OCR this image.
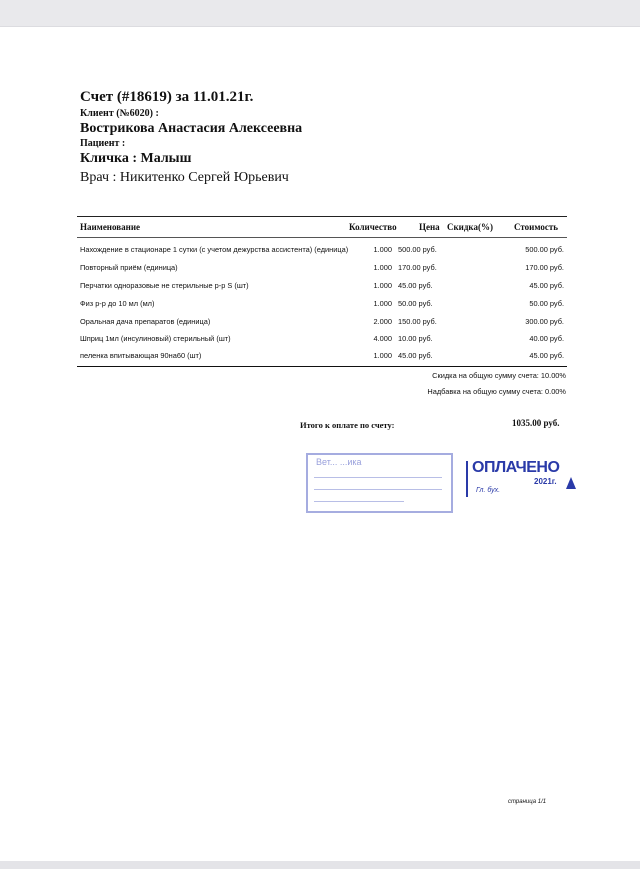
Счет (#18619) за 11.01.21г.
Клиент (№6020) :
Вострикова Анастасия Алексеевна
Пациент :
Кличка : Малыш
Врач : Никитенко Сергей Юрьевич
Наименование	Количество Цена Скидка(%) Стоимость
Нахождение в стационаре 1 сутки (с учетом дежурства ассистента) (единица)	1.000 500.00 руб.	500.00 руб.
Повторный приём (единица)	1.000 170.00 руб.	170.00 руб.
Перчатки одноразовые не стерильные р-р S (шт)	1.000 45.00 руб.	45.00 руб.
Физ р-р до 10 мл (мл)	1.000 50.00 руб.	50.00 руб.
Оральная дача препаратов (единица)	2.000 150.00 руб.	300.00 руб.
Шприц 1мл (инсулиновый) стерильный (шт)	4.000 10.00 руб.	40.00 руб.
пеленка впитывающая 90на60 (шт)	1.000 45.00 руб.	45.00 руб.
Скидка на общую сумму счета: 10.00%
Надбавка на общую сумму счета: 0.00%
Итого к оплате по счету:	1035.00 руб.
Вет... ...ика	ОПЛАЧЕНО
2021г.
Гл. бух.
страница 1/1
